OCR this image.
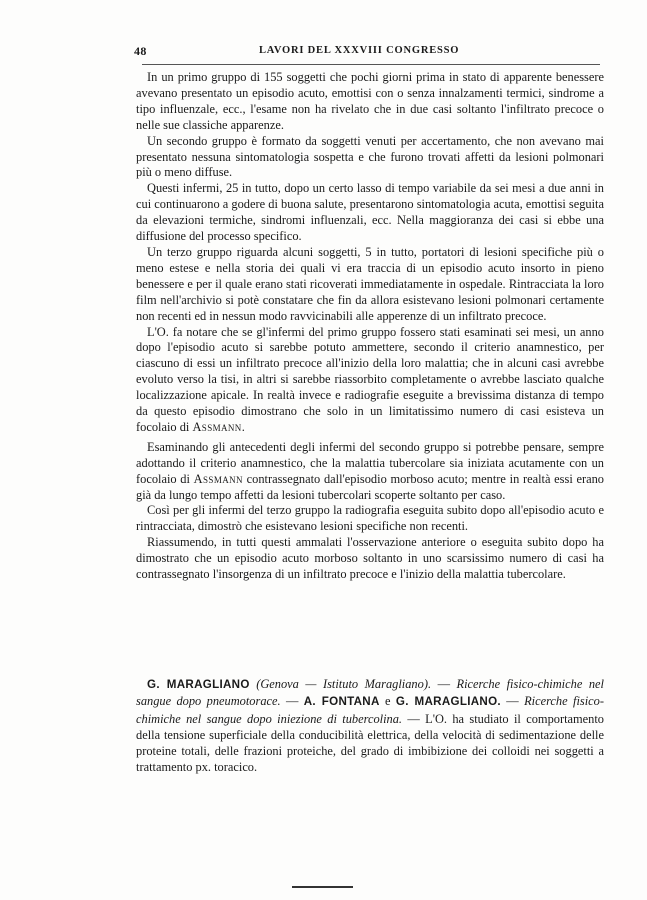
48	LAVORI DEL XXXVIII CONGRESSO

In un primo gruppo di 155 soggetti che pochi giorni prima in stato di apparente benessere avevano presentato un episodio acuto, emottisi con o senza innalzamenti termici, sindrome a tipo influenzale, ecc., l'esame non ha rivelato che in due casi soltanto l'infiltrato precoce o nelle sue classiche apparenze.

Un secondo gruppo è formato da soggetti venuti per accertamento, che non avevano mai presentato nessuna sintomatologia sospetta e che furono trovati affetti da lesioni polmonari più o meno diffuse.

Questi infermi, 25 in tutto, dopo un certo lasso di tempo variabile da sei mesi a due anni in cui continuarono a godere di buona salute, presentarono sintomatologia acuta, emottisi seguita da elevazioni termiche, sindromi influenzali, ecc. Nella maggioranza dei casi si ebbe una diffusione del processo specifico.

Un terzo gruppo riguarda alcuni soggetti, 5 in tutto, portatori di lesioni specifiche più o meno estese e nella storia dei quali vi era traccia di un episodio acuto insorto in pieno benessere e per il quale erano stati ricoverati immediatamente in ospedale. Rintracciata la loro film nell'archivio si potè constatare che fin da allora esistevano lesioni polmonari certamente non recenti ed in nessun modo ravvicinabili alle apperenze di un infiltrato precoce.

L'O. fa notare che se gl'infermi del primo gruppo fossero stati esaminati sei mesi, un anno dopo l'episodio acuto si sarebbe potuto ammettere, secondo il criterio anamnestico, per ciascuno di essi un infiltrato precoce all'inizio della loro malattia; che in alcuni casi avrebbe evoluto verso la tisi, in altri si sarebbe riassorbito completamente o avrebbe lasciato qualche localizzazione apicale. In realtà invece e radiografie eseguite a brevissima distanza di tempo da questo episodio dimostrano che solo in un limitatissimo numero di casi esisteva un focolaio di Assmann.

Esaminando gli antecedenti degli infermi del secondo gruppo si potrebbe pensare, sempre adottando il criterio anamnestico, che la malattia tubercolare sia iniziata acutamente con un focolaio di Assmann contrassegnato dall'episodio morboso acuto; mentre in realtà essi erano già da lungo tempo affetti da lesioni tubercolari scoperte soltanto per caso.

Così per gli infermi del terzo gruppo la radiografia eseguita subito dopo all'episodio acuto e rintracciata, dimostrò che esistevano lesioni specifiche non recenti.

Riassumendo, in tutti questi ammalati l'osservazione anteriore o eseguita subito dopo ha dimostrato che un episodio acuto morboso soltanto in uno scarsissimo numero di casi ha contrassegnato l'insorgenza di un infiltrato precoce e l'inizio della malattia tubercolare.

G. MARAGLIANO (Genova — Istituto Maragliano). — Ricerche fisico-chimiche nel sangue dopo pneumotorace. — A. FONTANA e G. MARAGLIANO. — Ricerche fisico-chimiche nel sangue dopo iniezione di tubercolina. — L'O. ha studiato il comportamento della tensione superficiale della conducibilità elettrica, della velocità di sedimentazione delle proteine totali, delle frazioni proteiche, del grado di imbibizione dei colloidi nei soggetti a trattamento px. toracico.
